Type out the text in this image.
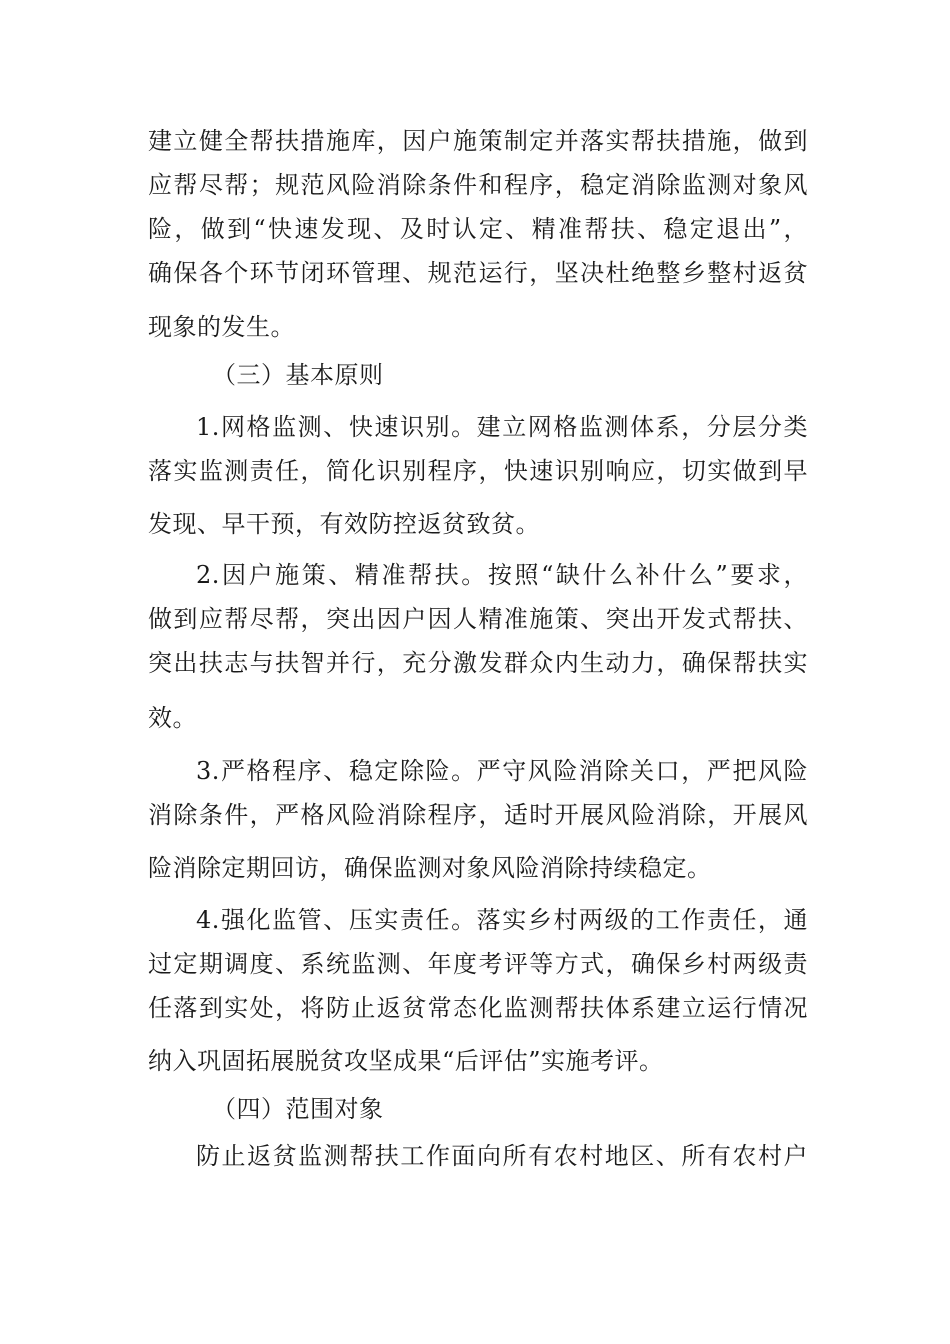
建立健全帮扶措施库，因户施策制定并落实帮扶措施，做到
应帮尽帮；规范风险消除条件和程序，稳定消除监测对象风
险，做到“快速发现、及时认定、精准帮扶、稳定退出”，
确保各个环节闭环管理、规范运行，坚决杜绝整乡整村返贫
现象的发生。
（三）基本原则
1.网格监测、快速识别。建立网格监测体系，分层分类
落实监测责任，简化识别程序，快速识别响应，切实做到早
发现、早干预，有效防控返贫致贫。
2.因户施策、精准帮扶。按照“缺什么补什么”要求，
做到应帮尽帮，突出因户因人精准施策、突出开发式帮扶、
突出扶志与扶智并行，充分激发群众内生动力，确保帮扶实
效。
3.严格程序、稳定除险。严守风险消除关口，严把风险
消除条件，严格风险消除程序，适时开展风险消除，开展风
险消除定期回访，确保监测对象风险消除持续稳定。
4.强化监管、压实责任。落实乡村两级的工作责任，通
过定期调度、系统监测、年度考评等方式，确保乡村两级责
任落到实处，将防止返贫常态化监测帮扶体系建立运行情况
纳入巩固拓展脱贫攻坚成果“后评估”实施考评。
（四）范围对象
防止返贫监测帮扶工作面向所有农村地区、所有农村户
